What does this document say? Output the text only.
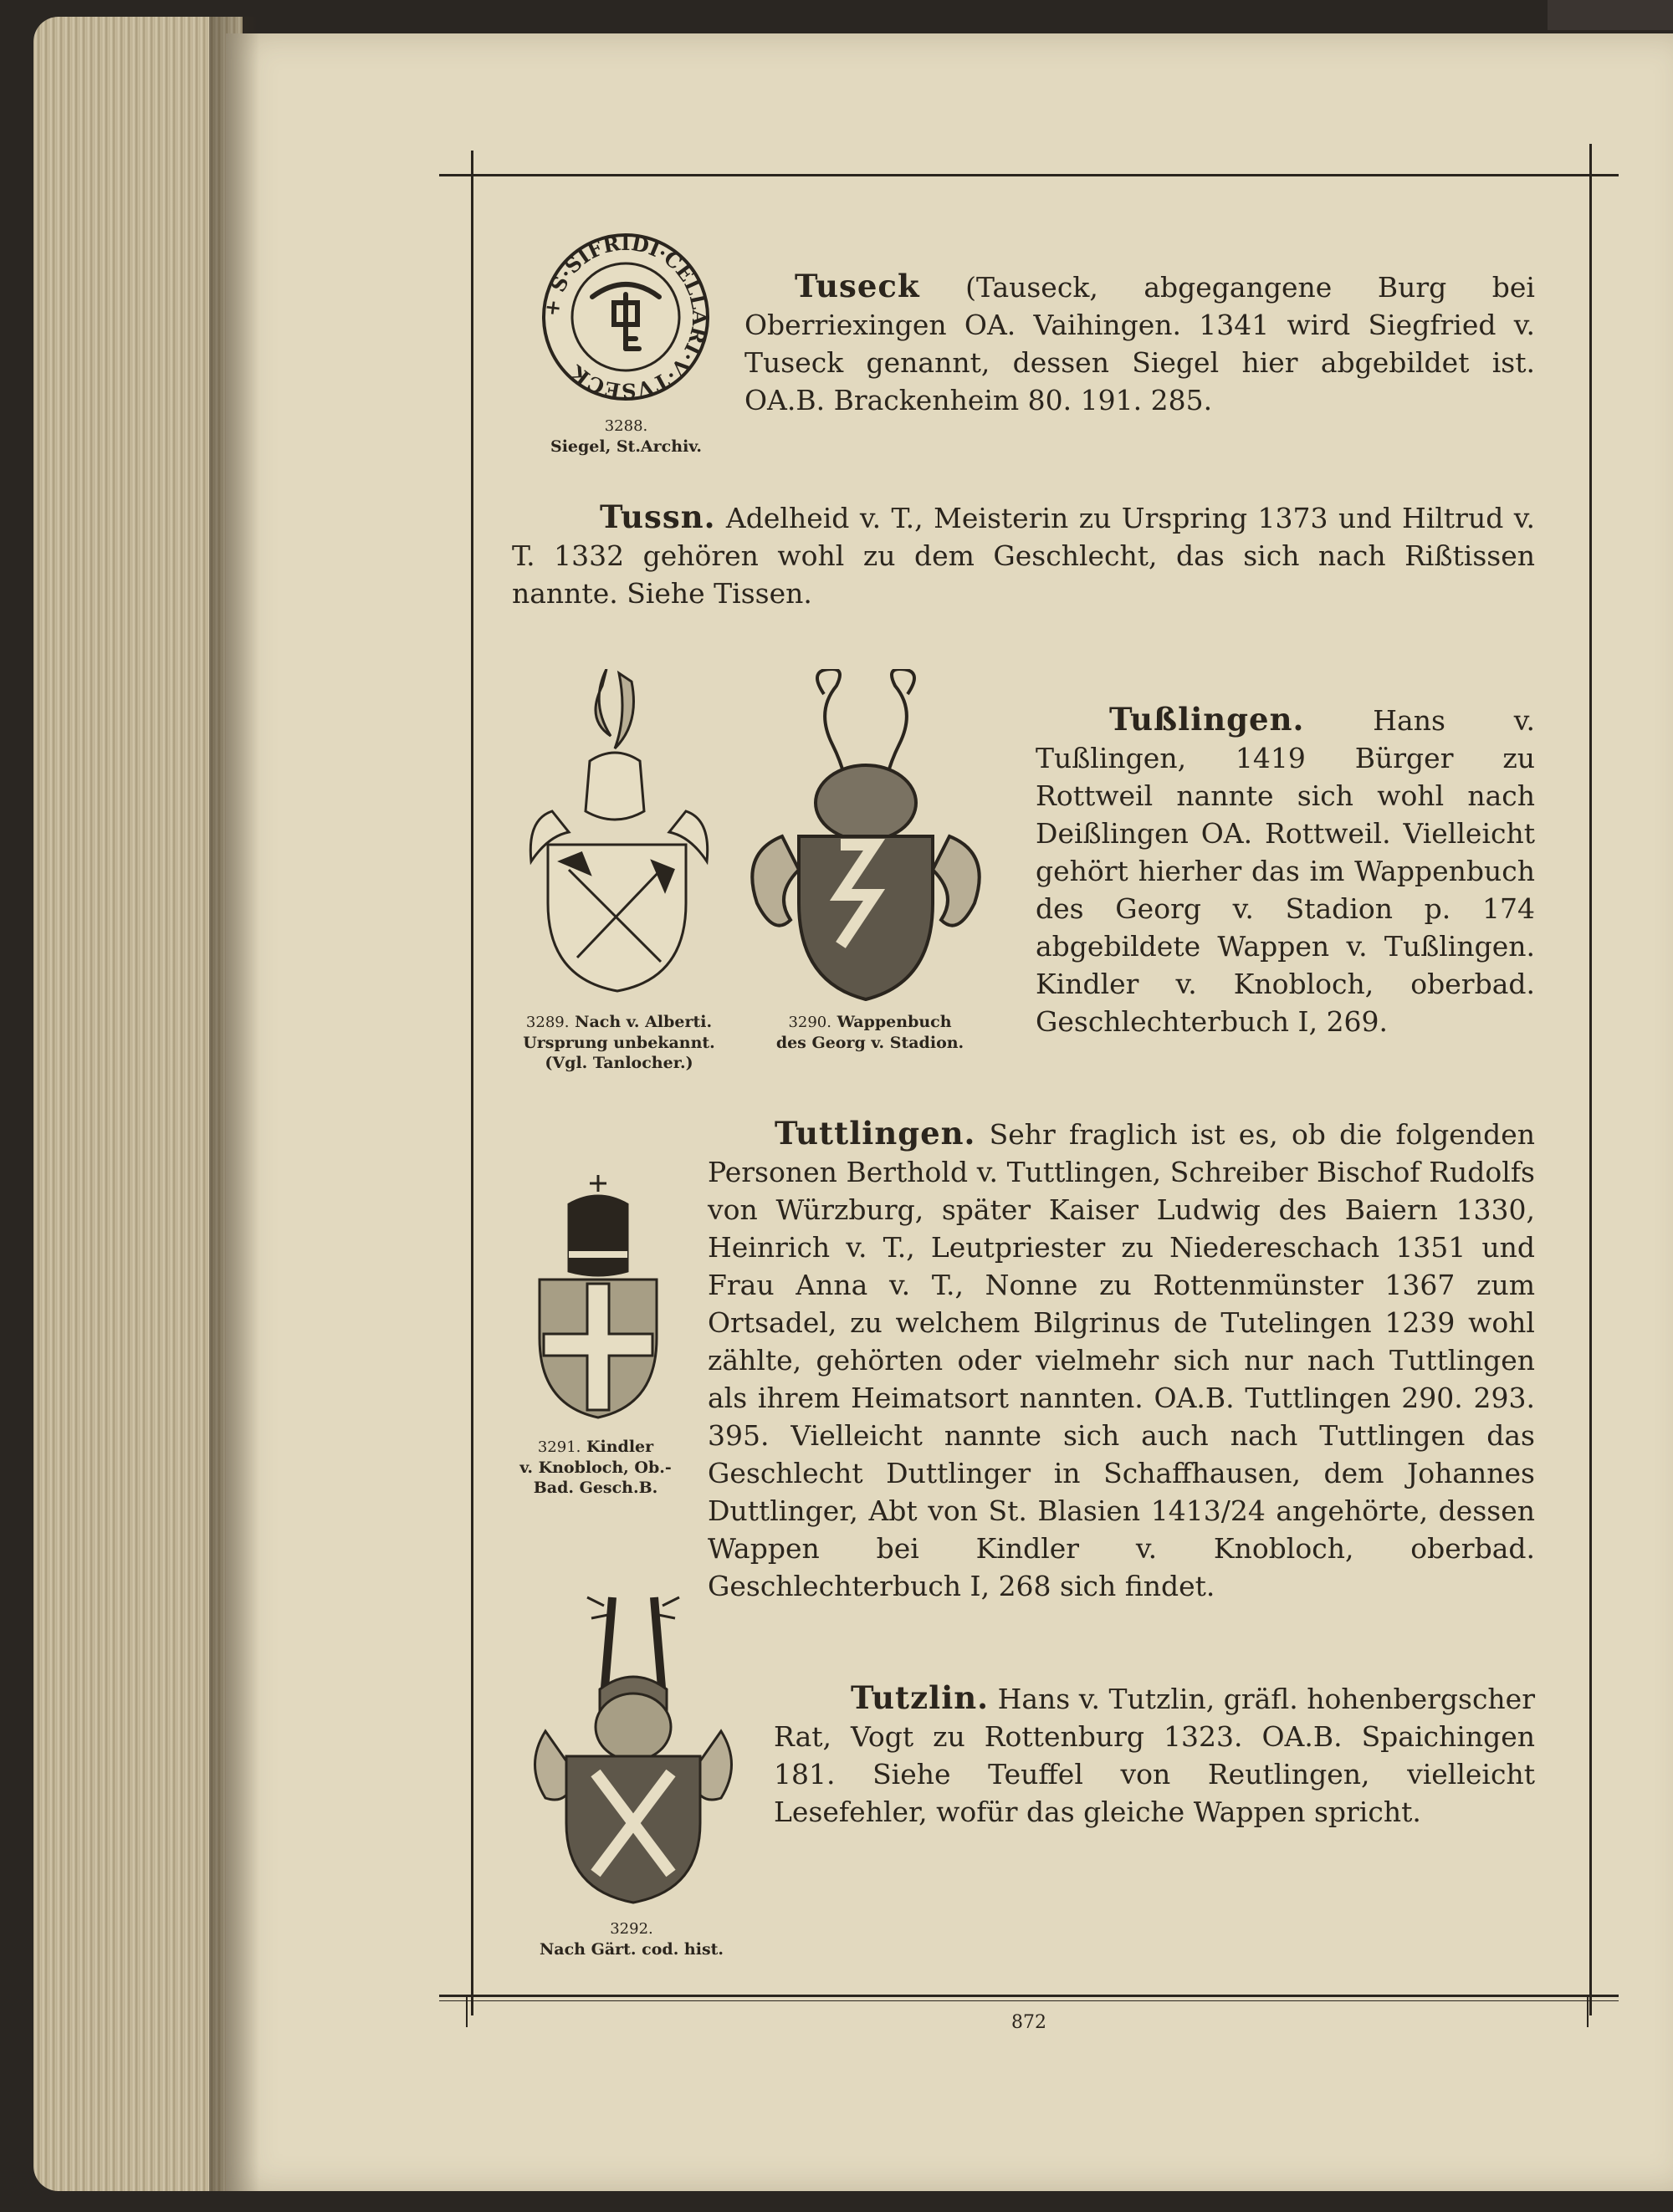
+ S·SIFRIDI·CELLARI·V·TVSECK
3288.
Siegel, St.Archiv.
Tuseck (Tauseck, abgegangene Burg bei Oberriexingen OA. Vaihingen. 1341 wird Siegfried v. Tuseck genannt, dessen Siegel hier abgebildet ist. OA.B. Brackenheim 80. 191. 285.
Tussn. Adelheid v. T., Meisterin zu Urspring 1373 und Hiltrud v. T. 1332 gehören wohl zu dem Geschlecht, das sich nach Rißtissen nannte. Siehe Tissen.
3289. Nach v. Alberti.
Ursprung unbekannt.
(Vgl. Tanlocher.)
3290. Wappenbuch
des Georg v. Stadion.
Tußlingen. Hans v. Tußlingen, 1419 Bürger zu Rottweil nannte sich wohl nach Deißlingen OA. Rottweil. Vielleicht gehört hierher das im Wappenbuch des Georg v. Stadion p. 174 abgebildete Wappen v. Tußlingen. Kindler v. Knobloch, oberbad. Geschlechterbuch I, 269.
3291. Kindler
v. Knobloch, Ob.-
Bad. Gesch.B.
Tuttlingen. Sehr fraglich ist es, ob die folgenden Personen Berthold v. Tuttlingen, Schreiber Bischof Rudolfs von Würzburg, später Kaiser Ludwig des Baiern 1330, Heinrich v. T., Leutpriester zu Niedereschach 1351 und Frau Anna v. T., Nonne zu Rottenmünster 1367 zum Ortsadel, zu welchem Bilgrinus de Tutelingen 1239 wohl zählte, gehörten oder vielmehr sich nur nach Tuttlingen als ihrem Heimatsort nannten. OA.B. Tuttlingen 290. 293. 395. Vielleicht nannte sich auch nach Tuttlingen das Geschlecht Duttlinger in Schaffhausen, dem Johannes Duttlinger, Abt von St. Blasien 1413/24 angehörte, dessen Wappen bei Kindler v. Knobloch, oberbad. Geschlechterbuch I, 268 sich findet.
3292.
Nach Gärt. cod. hist.
Tutzlin. Hans v. Tutzlin, gräfl. hohenbergscher Rat, Vogt zu Rottenburg 1323. OA.B. Spaichingen 181. Siehe Teuffel von Reutlingen, vielleicht Lesefehler, wofür das gleiche Wappen spricht.
872
